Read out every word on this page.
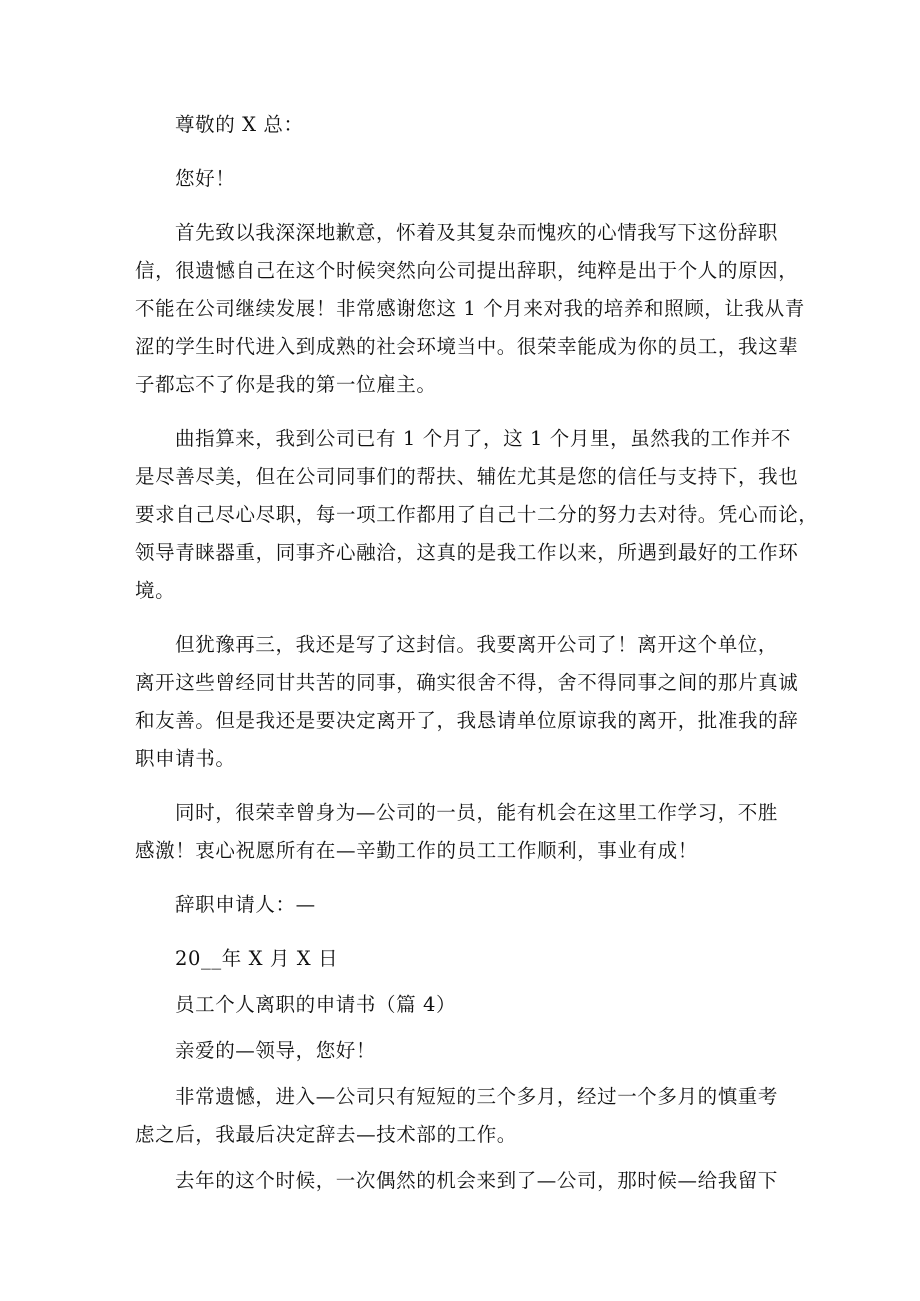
尊敬的 X 总：

您好！

首先致以我深深地歉意，怀着及其复杂而愧疚的心情我写下这份辞职

信，很遗憾自己在这个时候突然向公司提出辞职，纯粹是出于个人的原因，

不能在公司继续发展！非常感谢您这 1 个月来对我的培养和照顾，让我从青

涩的学生时代进入到成熟的社会环境当中。很荣幸能成为你的员工，我这辈

子都忘不了你是我的第一位雇主。

曲指算来，我到公司已有 1 个月了，这 1 个月里，虽然我的工作并不

是尽善尽美，但在公司同事们的帮扶、辅佐尤其是您的信任与支持下，我也

要求自己尽心尽职，每一项工作都用了自己十二分的努力去对待。凭心而论，

领导青睐器重，同事齐心融洽，这真的是我工作以来，所遇到最好的工作环

境。

但犹豫再三，我还是写了这封信。我要离开公司了！离开这个单位，

离开这些曾经同甘共苦的同事，确实很舍不得，舍不得同事之间的那片真诚

和友善。但是我还是要决定离开了，我恳请单位原谅我的离开，批准我的辞

职申请书。

同时，很荣幸曾身为—公司的一员，能有机会在这里工作学习，不胜

感激！衷心祝愿所有在—辛勤工作的员工工作顺利，事业有成！

辞职申请人：—

20__年 X 月 X 日

员工个人离职的申请书（篇 4）

亲爱的—领导，您好！

非常遗憾，进入—公司只有短短的三个多月，经过一个多月的慎重考

虑之后，我最后决定辞去—技术部的工作。

去年的这个时候，一次偶然的机会来到了—公司，那时候—给我留下
